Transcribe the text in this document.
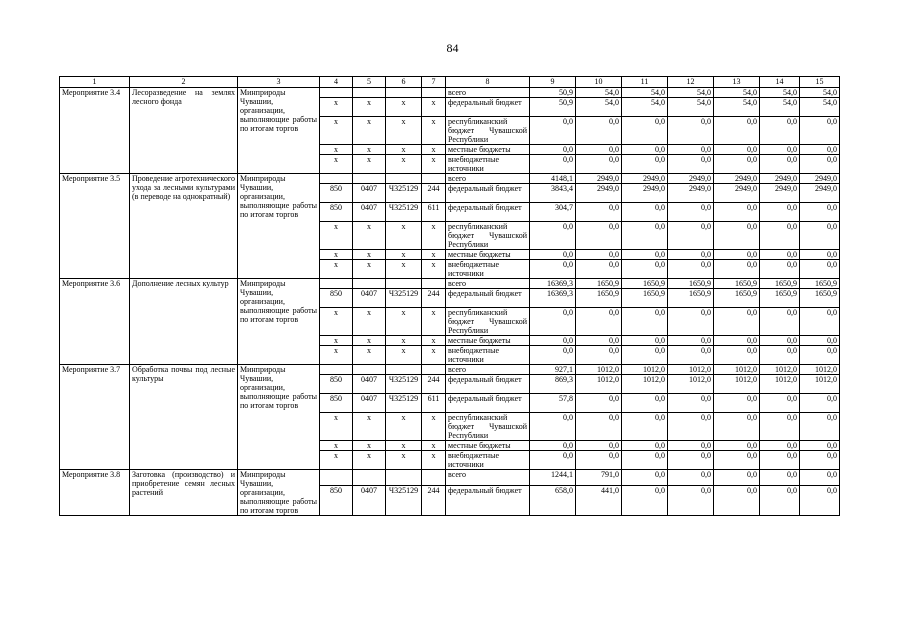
84
1	2	3	4	5	6	7	8	9	10	11	12	13	14	15
Мероприятие 3.4	Лесоразведение на землях лесного фонда	Минприроды Чувашии, организации, выполняющие работы по итогам торгов					всего	50,9	54,0	54,0	54,0	54,0	54,0	54,0
			x	x	x	x	федеральный бюджет	50,9	54,0	54,0	54,0	54,0	54,0	54,0
			x	x	x	x	республиканский бюджет Чувашской Республики	0,0	0,0	0,0	0,0	0,0	0,0	0,0
			x	x	x	x	местные бюджеты	0,0	0,0	0,0	0,0	0,0	0,0	0,0
			x	x	x	x	внебюджетные источники	0,0	0,0	0,0	0,0	0,0	0,0	0,0
Мероприятие 3.5	Проведение агротехнического ухода за лесными культурами (в переводе на однократный)	Минприроды Чувашии, организации, выполняющие работы по итогам торгов					всего	4148,1	2949,0	2949,0	2949,0	2949,0	2949,0	2949,0
			850	0407	Ч325129	244	федеральный бюджет	3843,4	2949,0	2949,0	2949,0	2949,0	2949,0	2949,0
			850	0407	Ч325129	611	федеральный бюджет	304,7	0,0	0,0	0,0	0,0	0,0	0,0
			x	x	x	x	республиканский бюджет Чувашской Республики	0,0	0,0	0,0	0,0	0,0	0,0	0,0
			x	x	x	x	местные бюджеты	0,0	0,0	0,0	0,0	0,0	0,0	0,0
			x	x	x	x	внебюджетные источники	0,0	0,0	0,0	0,0	0,0	0,0	0,0
Мероприятие 3.6	Дополнение лесных культур	Минприроды Чувашии, организации, выполняющие работы по итогам торгов					всего	16369,3	1650,9	1650,9	1650,9	1650,9	1650,9	1650,9
			850	0407	Ч325129	244	федеральный бюджет	16369,3	1650,9	1650,9	1650,9	1650,9	1650,9	1650,9
			x	x	x	x	республиканский бюджет Чувашской Республики	0,0	0,0	0,0	0,0	0,0	0,0	0,0
			x	x	x	x	местные бюджеты	0,0	0,0	0,0	0,0	0,0	0,0	0,0
			x	x	x	x	внебюджетные источники	0,0	0,0	0,0	0,0	0,0	0,0	0,0
Мероприятие 3.7	Обработка почвы под лесные культуры	Минприроды Чувашии, организации, выполняющие работы по итогам торгов					всего	927,1	1012,0	1012,0	1012,0	1012,0	1012,0	1012,0
			850	0407	Ч325129	244	федеральный бюджет	869,3	1012,0	1012,0	1012,0	1012,0	1012,0	1012,0
			850	0407	Ч325129	611	федеральный бюджет	57,8	0,0	0,0	0,0	0,0	0,0	0,0
			x	x	x	x	республиканский бюджет Чувашской Республики	0,0	0,0	0,0	0,0	0,0	0,0	0,0
			x	x	x	x	местные бюджеты	0,0	0,0	0,0	0,0	0,0	0,0	0,0
			x	x	x	x	внебюджетные источники	0,0	0,0	0,0	0,0	0,0	0,0	0,0
Мероприятие 3.8	Заготовка (производство) и приобретение семян лесных растений	Минприроды Чувашии, организации, выполняющие работы по итогам торгов					всего	1244,1	791,0	0,0	0,0	0,0	0,0	0,0
			850	0407	Ч325129	244	федеральный бюджет	658,0	441,0	0,0	0,0	0,0	0,0	0,0
